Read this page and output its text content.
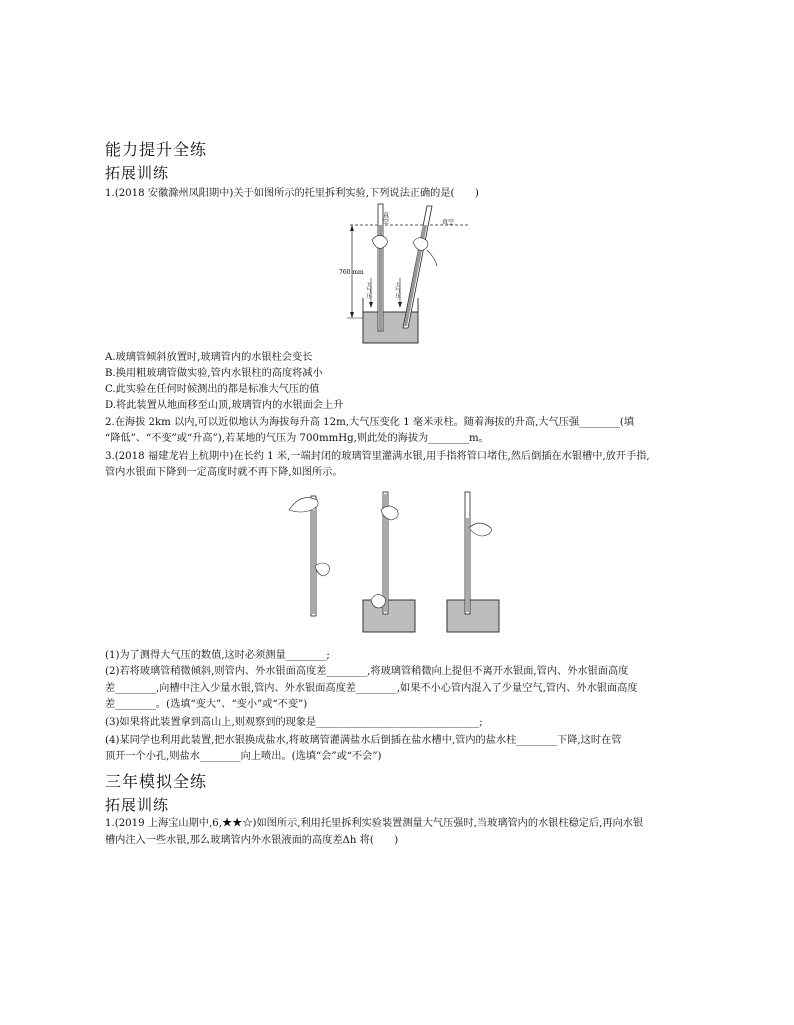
能力提升全练
拓展训练
1.(2018 安徽滁州凤阳期中)关于如图所示的托里拆利实验,下列说法正确的是(　　)
760 mm
真空	真空
大气压	大气压
A.玻璃管倾斜放置时,玻璃管内的水银柱会变长
B.换用粗玻璃管做实验,管内水银柱的高度将减小
C.此实验在任何时候测出的都是标准大气压的值
D.将此装置从地面移至山顶,玻璃管内的水银面会上升
2.在海拔 2km 以内,可以近似地认为海拔每升高 12m,大气压变化 1 毫米汞柱。随着海拔的升高,大气压强________(填
“降低”、“不变”或“升高”),若某地的气压为 700mmHg,则此处的海拔为________m。
3.(2018 福建龙岩上杭期中)在长约 1 米,一端封闭的玻璃管里灌满水银,用手指将管口堵住,然后倒插在水银槽中,放开手指,
管内水银面下降到一定高度时就不再下降,如图所示。
(1)为了测得大气压的数值,这时必须测量________;
(2)若将玻璃管稍微倾斜,则管内、外水银面高度差________,将玻璃管稍微向上提但不离开水银面,管内、外水银面高度
差________,向槽中注入少量水银,管内、外水银面高度差________,如果不小心管内混入了少量空气,管内、外水银面高度
差________。(选填“变大”、“变小”或“不变”)
(3)如果将此装置拿到高山上,则观察到的现象是________________________________;
(4)某同学也利用此装置,把水银换成盐水,将玻璃管灌满盐水后倒插在盐水槽中,管内的盐水柱________下降,这时在管
顶开一个小孔,则盐水________向上喷出。(选填“会”或“不会”)
三年模拟全练
拓展训练
1.(2019 上海宝山期中,6,★★☆)如图所示,利用托里拆利实验装置测量大气压强时,当玻璃管内的水银柱稳定后,再向水银
槽内注入一些水银,那么玻璃管内外水银液面的高度差Δh 将(　　)
